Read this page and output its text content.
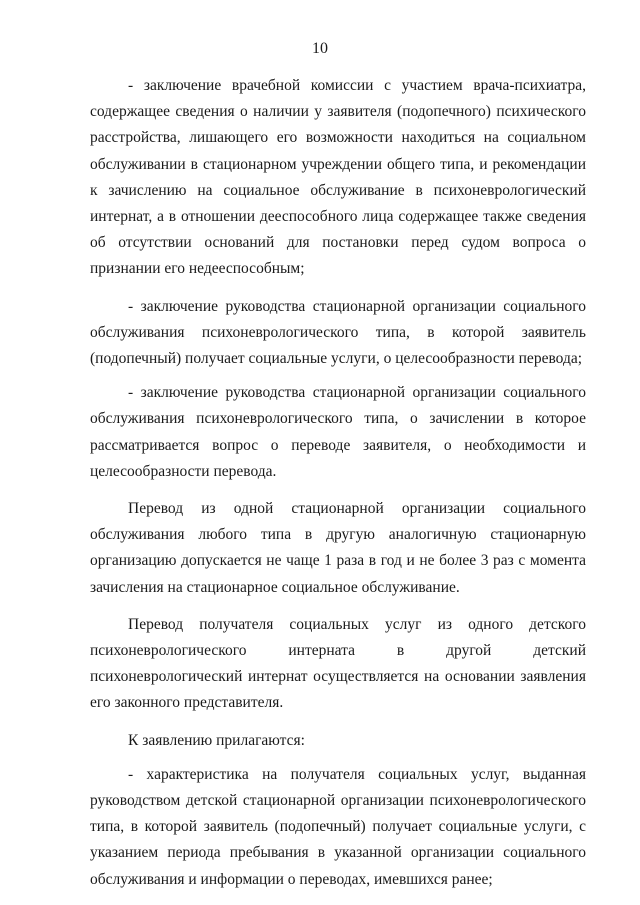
10

- заключение врачебной комиссии с участием врача-психиатра, содержащее сведения о наличии у заявителя (подопечного) психического расстройства, лишающего его возможности находиться на социальном обслуживании в стационарном учреждении общего типа, и рекомендации к зачислению на социальное обслуживание в психоневрологический интернат, а в отношении дееспособного лица содержащее также сведения об отсутствии оснований для постановки перед судом вопроса о признании его недееспособным;

- заключение руководства стационарной организации социального обслуживания психоневрологического типа, в которой заявитель (подопечный) получает социальные услуги, о целесообразности перевода;

- заключение руководства стационарной организации социального обслуживания психоневрологического типа, о зачислении в которое рассматривается вопрос о переводе заявителя, о необходимости и целесообразности перевода.

Перевод из одной стационарной организации социального обслуживания любого типа в другую аналогичную стационарную организацию допускается не чаще 1 раза в год и не более 3 раз с момента зачисления на стационарное социальное обслуживание.

Перевод получателя социальных услуг из одного детского психоневрологического интерната в другой детский психоневрологический интернат осуществляется на основании заявления его законного представителя.

К заявлению прилагаются:

- характеристика на получателя социальных услуг, выданная руководством детской стационарной организации психоневрологического типа, в которой заявитель (подопечный) получает социальные услуги, с указанием периода пребывания в указанной организации социального обслуживания и информации о переводах, имевшихся ранее;
